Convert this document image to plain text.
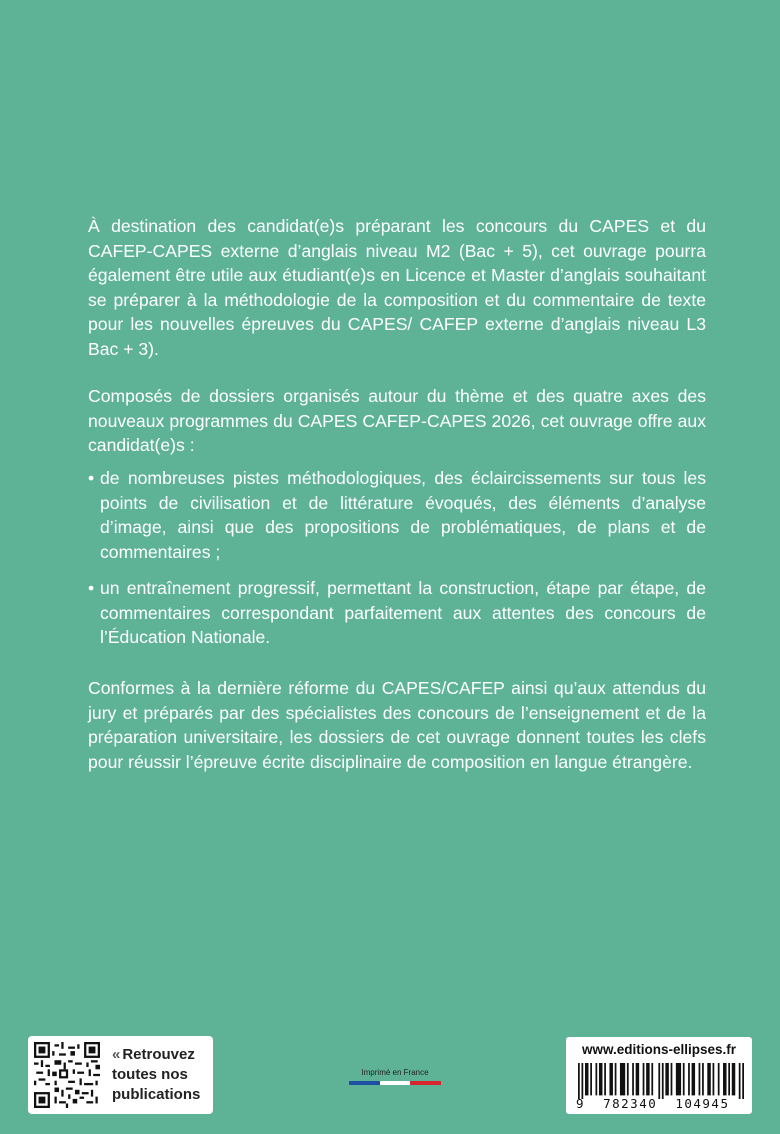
À destination des candidat(e)s préparant les concours du CAPES et du CAFEP-CAPES externe d’anglais niveau M2 (Bac + 5), cet ouvrage pourra également être utile aux étudiant(e)s en Licence et Master d’anglais souhaitant se préparer à la méthodologie de la composition et du commentaire de texte pour les nouvelles épreuves du CAPES/ CAFEP externe d’anglais niveau L3 Bac + 3).

Composés de dossiers organisés autour du thème et des quatre axes des nouveaux programmes du CAPES CAFEP-CAPES 2026, cet ouvrage offre aux candidat(e)s :

• de nombreuses pistes méthodologiques, des éclaircissements sur tous les points de civilisation et de littérature évoqués, des éléments d’analyse d’image, ainsi que des propositions de problématiques, de plans et de commentaires ;
• un entraînement progressif, permettant la construction, étape par étape, de commentaires correspondant parfaitement aux attentes des concours de l’Éducation Nationale.

Conformes à la dernière réforme du CAPES/CAFEP ainsi qu’aux attendus du jury et préparés par des spécialistes des concours de l’enseignement et de la préparation universitaire, les dossiers de cet ouvrage donnent toutes les clefs pour réussir l’épreuve écrite disciplinaire de composition en langue étrangère.

« Retrouvez
toutes nos
publications
Imprimé en France
www.editions-ellipses.fr
9 782340 104945
